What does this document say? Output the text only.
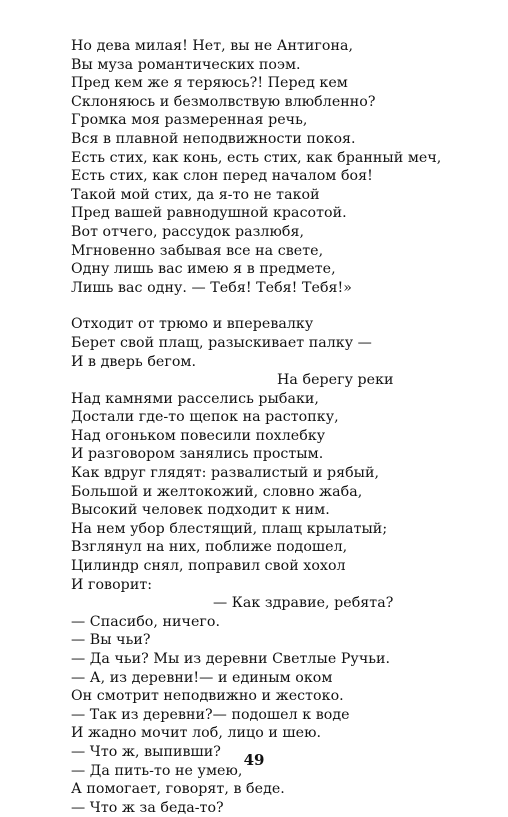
Но дева милая! Нет, вы не Антигона,
Вы муза романтических поэм.
Пред кем же я теряюсь?! Перед кем
Склоняюсь и безмолвствую влюбленно?
Громка моя размеренная речь,
Вся в плавной неподвижности покоя.
Есть стих, как конь, есть стих, как бранный меч,
Есть стих, как слон перед началом боя!
Такой мой стих, да я-то не такой
Пред вашей равнодушной красотой.
Вот отчего, рассудок разлюбя,
Мгновенно забывая все на свете,
Одну лишь вас имею я в предмете,
Лишь вас одну. — Тебя! Тебя! Тебя!»
Отходит от трюмо и вперевалку
Берет свой плащ, разыскивает палку —
И в дверь бегом.
На берегу реки
Над камнями расселись рыбаки,
Достали где-то щепок на растопку,
Над огоньком повесили похлебку
И разговором занялись простым.
Как вдруг глядят: развалистый и рябый,
Большой и желтокожий, словно жаба,
Высокий человек подходит к ним.
На нем убор блестящий, плащ крылатый;
Взглянул на них, поближе подошел,
Цилиндр снял, поправил свой хохол
И говорит:
— Как здравие, ребята?
— Спасибо, ничего.
— Вы чьи?
— Да чьи? Мы из деревни Светлые Ручьи.
— А, из деревни!— и единым оком
Он смотрит неподвижно и жестоко.
— Так из деревни?— подошел к воде
И жадно мочит лоб, лицо и шею.
— Что ж, выпивши?
— Да пить-то не умею,
А помогает, говорят, в беде.
— Что ж за беда-то?
49
